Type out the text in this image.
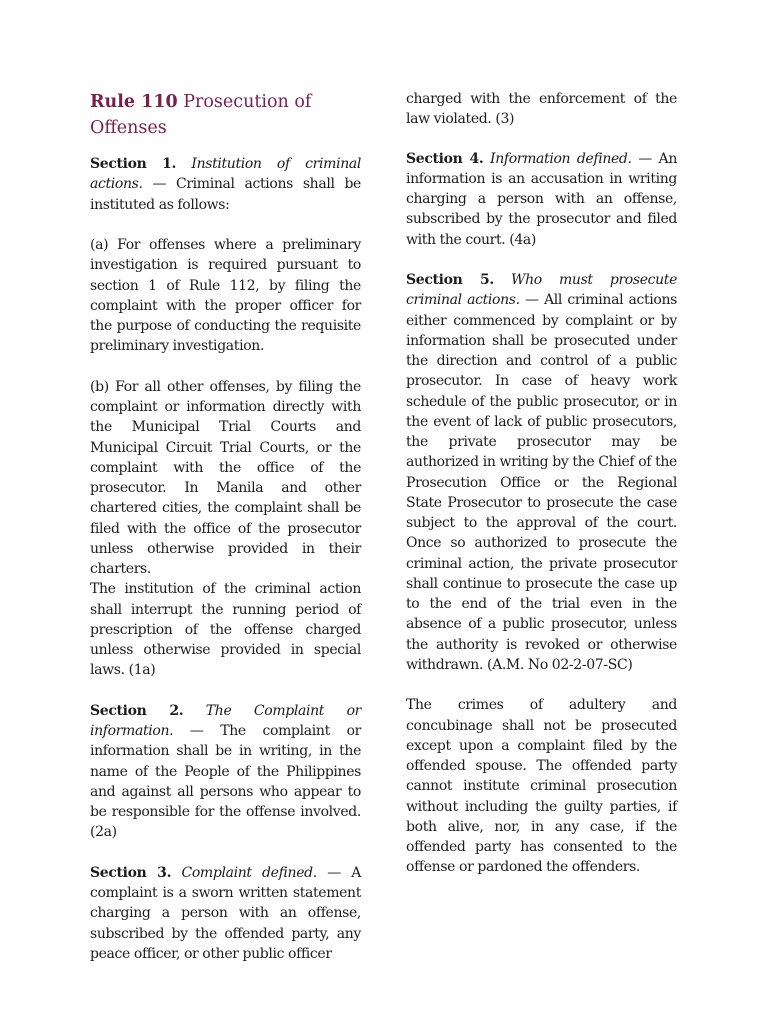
Rule 110 Prosecution of Offenses

Section 1. Institution of criminal actions. — Criminal actions shall be instituted as follows:

(a) For offenses where a preliminary investigation is required pursuant to section 1 of Rule 112, by filing the complaint with the proper officer for the purpose of conducting the requisite preliminary investigation.

(b) For all other offenses, by filing the complaint or information directly with the Municipal Trial Courts and Municipal Circuit Trial Courts, or the complaint with the office of the prosecutor. In Manila and other chartered cities, the complaint shall be filed with the office of the prosecutor unless otherwise provided in their charters.

The institution of the criminal action shall interrupt the running period of prescription of the offense charged unless otherwise provided in special laws. (1a)

Section 2. The Complaint or information. — The complaint or information shall be in writing, in the name of the People of the Philippines and against all persons who appear to be responsible for the offense involved. (2a)

Section 3. Complaint defined. — A complaint is a sworn written statement charging a person with an offense, subscribed by the offended party, any peace officer, or other public officer

charged with the enforcement of the law violated. (3)

Section 4. Information defined. — An information is an accusation in writing charging a person with an offense, subscribed by the prosecutor and filed with the court. (4a)

Section 5. Who must prosecute criminal actions. — All criminal actions either commenced by complaint or by information shall be prosecuted under the direction and control of a public prosecutor. In case of heavy work schedule of the public prosecutor, or in the event of lack of public prosecutors, the private prosecutor may be authorized in writing by the Chief of the Prosecution Office or the Regional State Prosecutor to prosecute the case subject to the approval of the court. Once so authorized to prosecute the criminal action, the private prosecutor shall continue to prosecute the case up to the end of the trial even in the absence of a public prosecutor, unless the authority is revoked or otherwise withdrawn. (A.M. No 02-2-07-SC)

The crimes of adultery and concubinage shall not be prosecuted except upon a complaint filed by the offended spouse. The offended party cannot institute criminal prosecution without including the guilty parties, if both alive, nor, in any case, if the offended party has consented to the offense or pardoned the offenders.
